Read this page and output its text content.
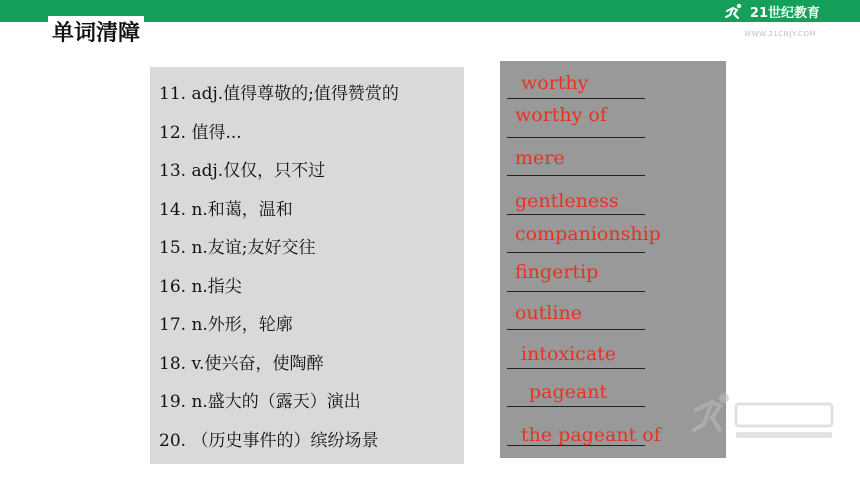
21世纪教育
WWW.21CNJY.COM
单词清障
11. adj.值得尊敬的;值得赞赏的
12. 值得...
13. adj.仅仅，只不过
14. n.和蔼，温和
15. n.友谊;友好交往
16. n.指尖
17. n.外形，轮廓
18. v.使兴奋，使陶醉
19. n.盛大的（露天）演出
20. （历史事件的）缤纷场景
worthy
worthy of
mere
gentleness
companionship
fingertip
outline
intoxicate
pageant
the pageant of
